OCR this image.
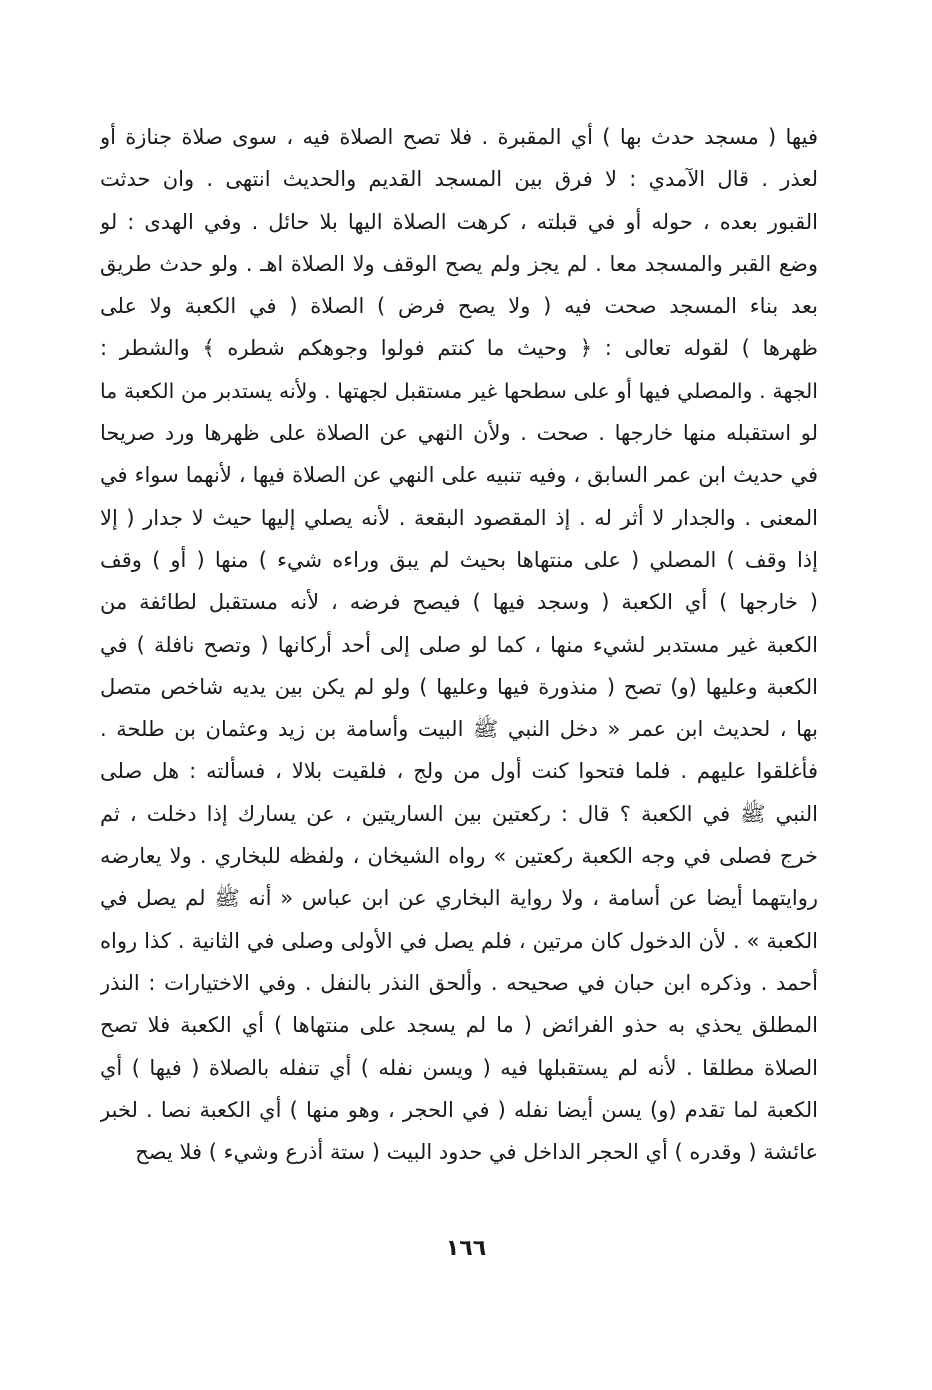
فيها ( مسجد حدث بها ) أي المقبرة . فلا تصح الصلاة فيه ، سوى صلاة جنازة أو
لعذر . قال الآمدي : لا فرق بين المسجد القديم والحديث انتهى . وان حدثت
القبور بعده ، حوله أو في قبلته ، كرهت الصلاة اليها بلا حائل . وفي الهدى : لو
وضع القبر والمسجد معا . لم يجز ولم يصح الوقف ولا الصلاة اهـ . ولو حدث طريق
بعد بناء المسجد صحت فيه ( ولا يصح فرض ) الصلاة ( في الكعبة ولا على
ظهرها ) لقوله تعالى : ﴿ وحيث ما كنتم فولوا وجوهكم شطره ﴾ والشطر :
الجهة . والمصلي فيها أو على سطحها غير مستقبل لجهتها . ولأنه يستدبر من الكعبة ما
لو استقبله منها خارجها . صحت . ولأن النهي عن الصلاة على ظهرها ورد صريحا
في حديث ابن عمر السابق ، وفيه تنبيه على النهي عن الصلاة فيها ، لأنهما سواء في
المعنى . والجدار لا أثر له . إذ المقصود البقعة . لأنه يصلي إليها حيث لا جدار ( إلا
إذا وقف ) المصلي ( على منتهاها بحيث لم يبق وراءه شيء ) منها ( أو ) وقف
( خارجها ) أي الكعبة ( وسجد فيها ) فيصح فرضه ، لأنه مستقبل لطائفة من
الكعبة غير مستدبر لشيء منها ، كما لو صلى إلى أحد أركانها ( وتصح نافلة ) في
الكعبة وعليها (و) تصح ( منذورة فيها وعليها ) ولو لم يكن بين يديه شاخص متصل
بها ، لحديث ابن عمر « دخل النبي ﷺ البيت وأسامة بن زيد وعثمان بن طلحة .
فأغلقوا عليهم . فلما فتحوا كنت أول من ولج ، فلقيت بلالا ، فسألته : هل صلى
النبي ﷺ في الكعبة ؟ قال : ركعتين بين الساريتين ، عن يسارك إذا دخلت ، ثم
خرج فصلى في وجه الكعبة ركعتين » رواه الشيخان ، ولفظه للبخاري . ولا يعارضه
روايتهما أيضا عن أسامة ، ولا رواية البخاري عن ابن عباس « أنه ﷺ لم يصل في
الكعبة » . لأن الدخول كان مرتين ، فلم يصل في الأولى وصلى في الثانية . كذا رواه
أحمد . وذكره ابن حبان في صحيحه . وألحق النذر بالنفل . وفي الاختيارات : النذر
المطلق يحذي به حذو الفرائض ( ما لم يسجد على منتهاها ) أي الكعبة فلا تصح
الصلاة مطلقا . لأنه لم يستقبلها فيه ( ويسن نفله ) أي تنفله بالصلاة ( فيها ) أي
الكعبة لما تقدم (و) يسن أيضا نفله ( في الحجر ، وهو منها ) أي الكعبة نصا . لخبر
عائشة ( وقدره ) أي الحجر الداخل في حدود البيت ( ستة أذرع وشيء ) فلا يصح
١٦٦
